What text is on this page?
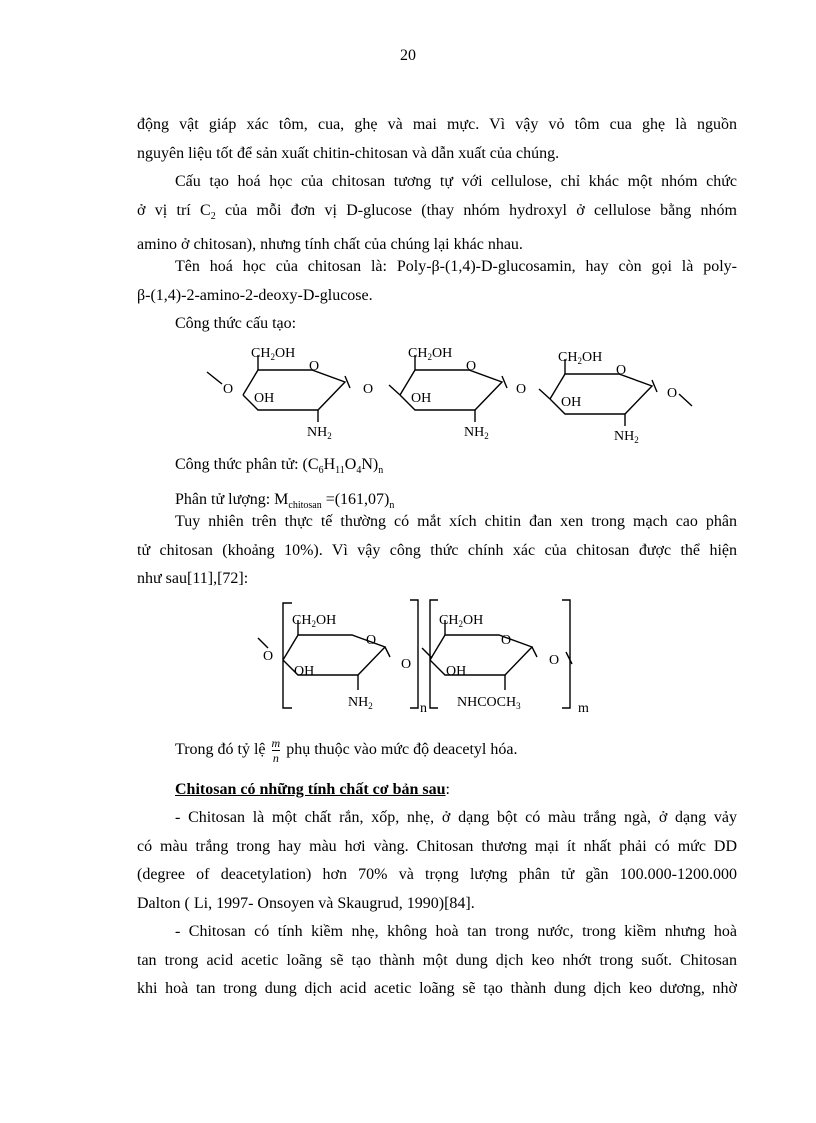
20
động vật giáp xác tôm, cua, ghẹ và mai mực. Vì vậy vỏ tôm cua ghẹ là nguồn
nguyên liệu tốt để sản xuất chitin-chitosan và dẫn xuất của chúng.
Cấu tạo hoá học của chitosan tương tự với cellulose, chỉ khác một nhóm chức
ở vị trí $C_2$ của mỗi đơn vị D-glucose (thay nhóm hydroxyl ở cellulose bằng nhóm
amino ở chitosan), nhưng tính chất của chúng lại khác nhau.
Tên hoá học của chitosan là: Poly-β-(1,4)-D-glucosamin, hay còn gọi là poly-
β-(1,4)-2-amino-2-deoxy-D-glucose.
Công thức cấu tạo:
O
$CH_2OH$
O
OH
$NH_2$
O
$CH_2OH$
O
OH
$NH_2$
O
$CH_2OH$
O
OH
$NH_2$
O
Công thức phân tử: $(C_6H_{11}O_4N)_n$
Phân tử lượng: $M_{chitosan} =(161,07)_n$
Tuy nhiên trên thực tế thường có mắt xích chitin đan xen trong mạch cao phân
tử chitosan (khoảng 10%). Vì vậy công thức chính xác của chitosan được thể hiện
như sau[11],[72]:
O
$CH_2OH$
O
OH
$NH_2$
O
n
$CH_2OH$
O
OH
$NHCOCH_3$
O
m
Trong đó tỷ lệ $\frac{m}{n}$ phụ thuộc vào mức độ deacetyl hóa.
Chitosan có những tính chất cơ bản sau:
- Chitosan là một chất rắn, xốp, nhẹ, ở dạng bột có màu trắng ngà, ở dạng vảy
có màu trắng trong hay màu hơi vàng. Chitosan thương mại ít nhất phải có mức DD
(degree of deacetylation) hơn 70% và trọng lượng phân tử gần 100.000-1200.000
Dalton ( Li, 1997- Onsoyen và Skaugrud, 1990)[84].
- Chitosan có tính kiềm nhẹ, không hoà tan trong nước, trong kiềm nhưng hoà
tan trong acid acetic loãng sẽ tạo thành một dung dịch keo nhớt trong suốt. Chitosan
khi hoà tan trong dung dịch acid acetic loãng sẽ tạo thành dung dịch keo dương, nhờ
